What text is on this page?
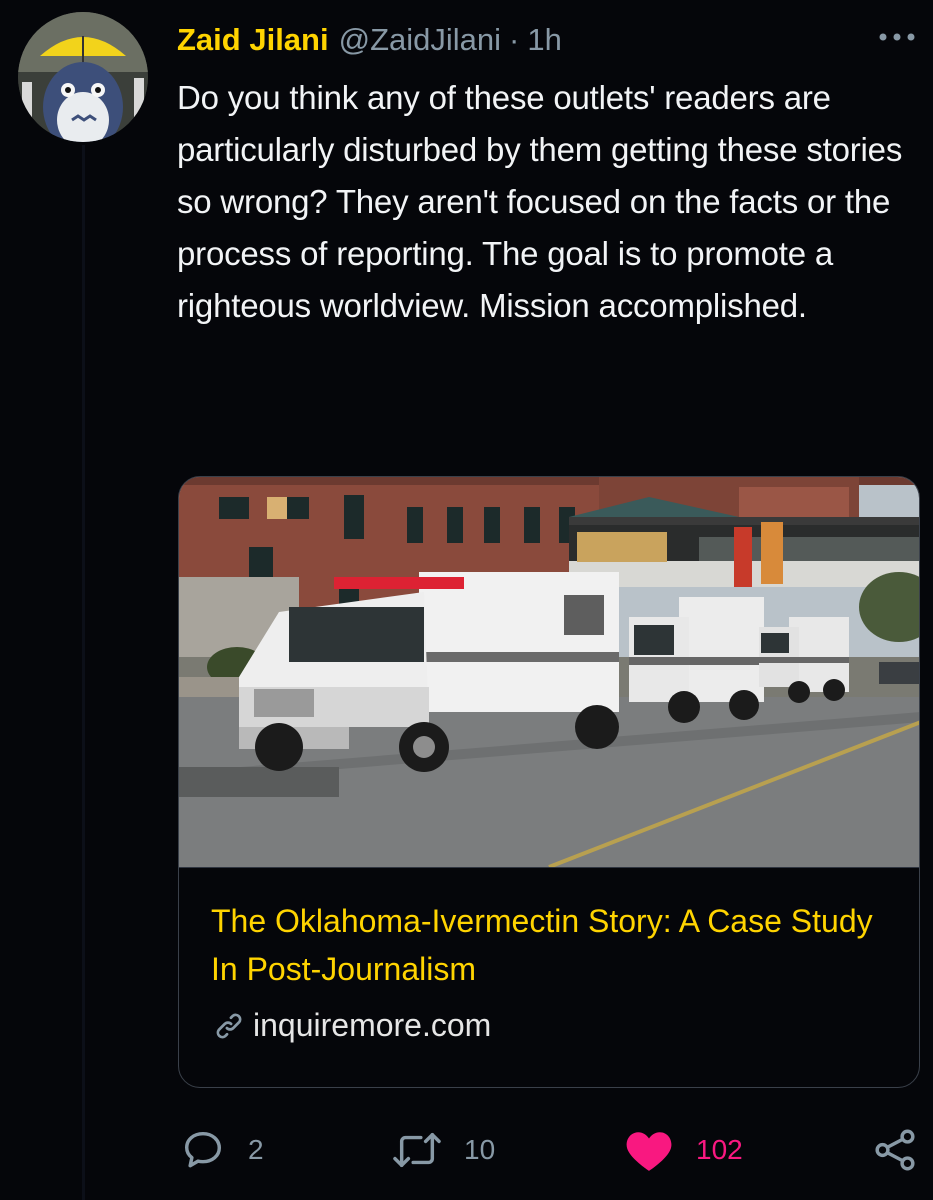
Zaid Jilani @ZaidJilani · 1h
Do you think any of these outlets' readers are particularly disturbed by them getting these stories so wrong? They aren't focused on the facts or the process of reporting. The goal is to promote a righteous worldview. Mission accomplished.
The Oklahoma-Ivermectin Story: A Case Study In Post-Journalism
inquiremore.com
2	10	102
